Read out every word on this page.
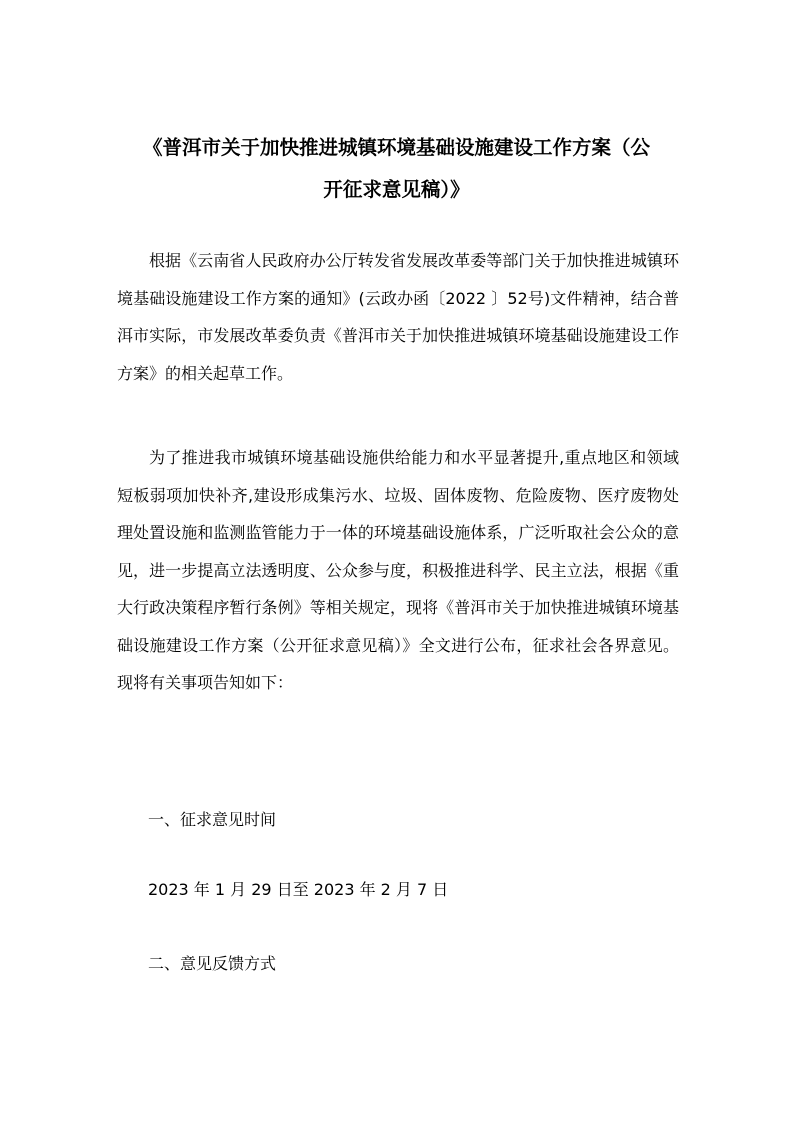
《普洱市关于加快推进城镇环境基础设施建设工作方案（公
开征求意见稿）》

根据《云南省人民政府办公厅转发省发展改革委等部门关于加快推进城镇环境基础设施建设工作方案的通知》(云政办函〔2022 〕52号)文件精神，结合普洱市实际，市发展改革委负责《普洱市关于加快推进城镇环境基础设施建设工作方案》的相关起草工作。

为了推进我市城镇环境基础设施供给能力和水平显著提升,重点地区和领域短板弱项加快补齐,建设形成集污水、垃圾、固体废物、危险废物、医疗废物处理处置设施和监测监管能力于一体的环境基础设施体系，广泛听取社会公众的意见，进一步提高立法透明度、公众参与度，积极推进科学、民主立法，根据《重大行政决策程序暂行条例》等相关规定，现将《普洱市关于加快推进城镇环境基础设施建设工作方案（公开征求意见稿）》全文进行公布，征求社会各界意见。现将有关事项告知如下：

一、征求意见时间
2023 年 1 月 29 日至 2023 年 2 月 7 日
二、意见反馈方式
